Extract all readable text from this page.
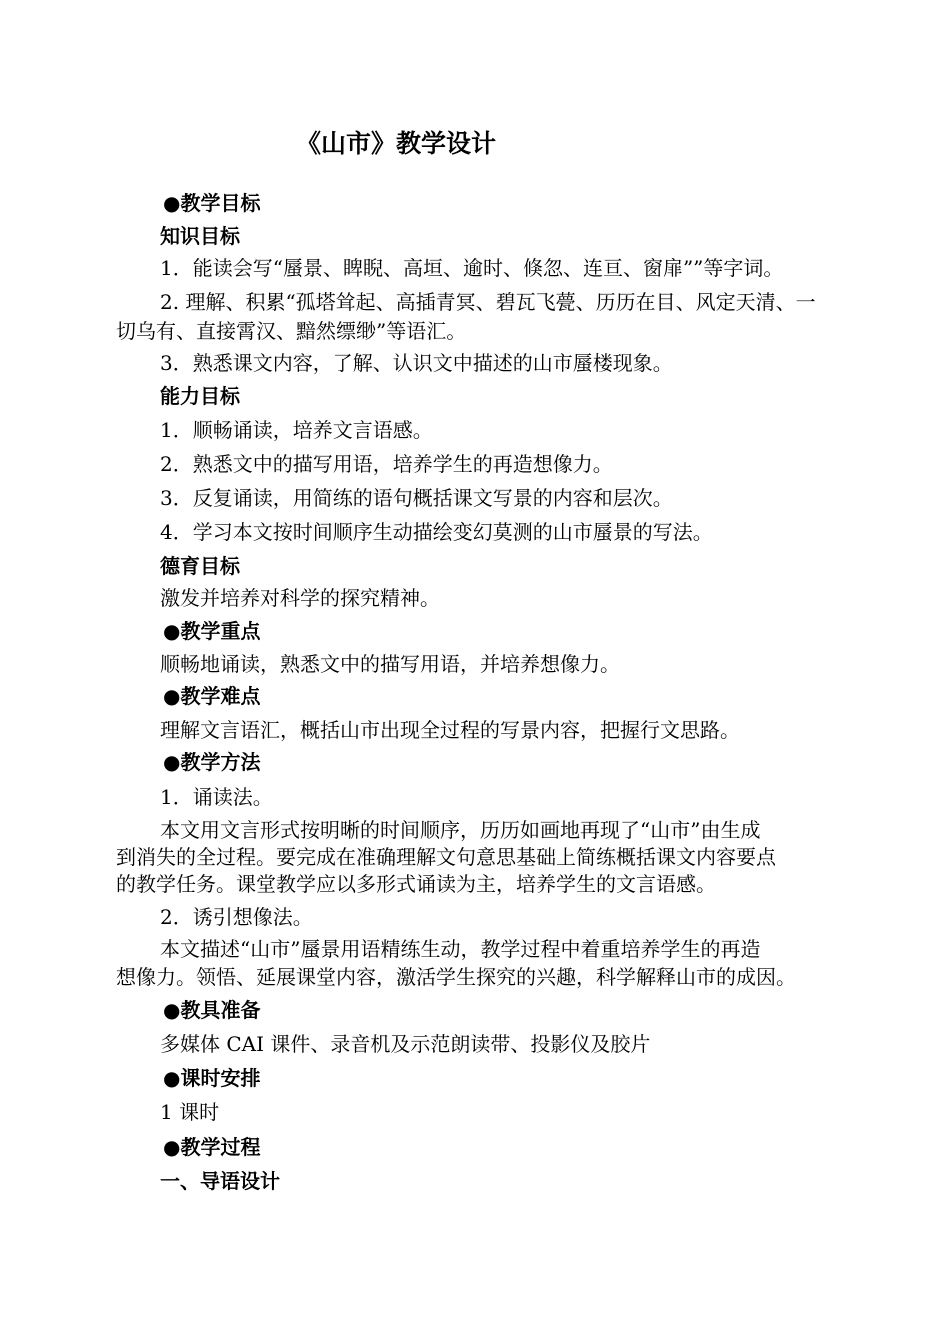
《山市》教学设计
●教学目标
知识目标
1．能读会写“蜃景、睥睨、高垣、逾时、倏忽、连亘、窗扉””等字词。
2. 理解、积累“孤塔耸起、高插青冥、碧瓦飞甍、历历在目、风定天清、一
切乌有、直接霄汉、黯然缥缈”等语汇。
3．熟悉课文内容，了解、认识文中描述的山市蜃楼现象。
能力目标
1．顺畅诵读，培养文言语感。
2．熟悉文中的描写用语，培养学生的再造想像力。
3．反复诵读，用简练的语句概括课文写景的内容和层次。
4．学习本文按时间顺序生动描绘变幻莫测的山市蜃景的写法。
德育目标
激发并培养对科学的探究精神。
●教学重点
顺畅地诵读，熟悉文中的描写用语，并培养想像力。
●教学难点
理解文言语汇，概括山市出现全过程的写景内容，把握行文思路。
●教学方法
1．诵读法。
本文用文言形式按明晰的时间顺序，历历如画地再现了“山市”由生成
到消失的全过程。要完成在准确理解文句意思基础上简练概括课文内容要点
的教学任务。课堂教学应以多形式诵读为主，培养学生的文言语感。
2．诱引想像法。
本文描述“山市”蜃景用语精练生动，教学过程中着重培养学生的再造
想像力。领悟、延展课堂内容，激活学生探究的兴趣，科学解释山市的成因。
●教具准备
多媒体 CAI 课件、录音机及示范朗读带、投影仪及胶片
●课时安排
1 课时
●教学过程
一、导语设计
